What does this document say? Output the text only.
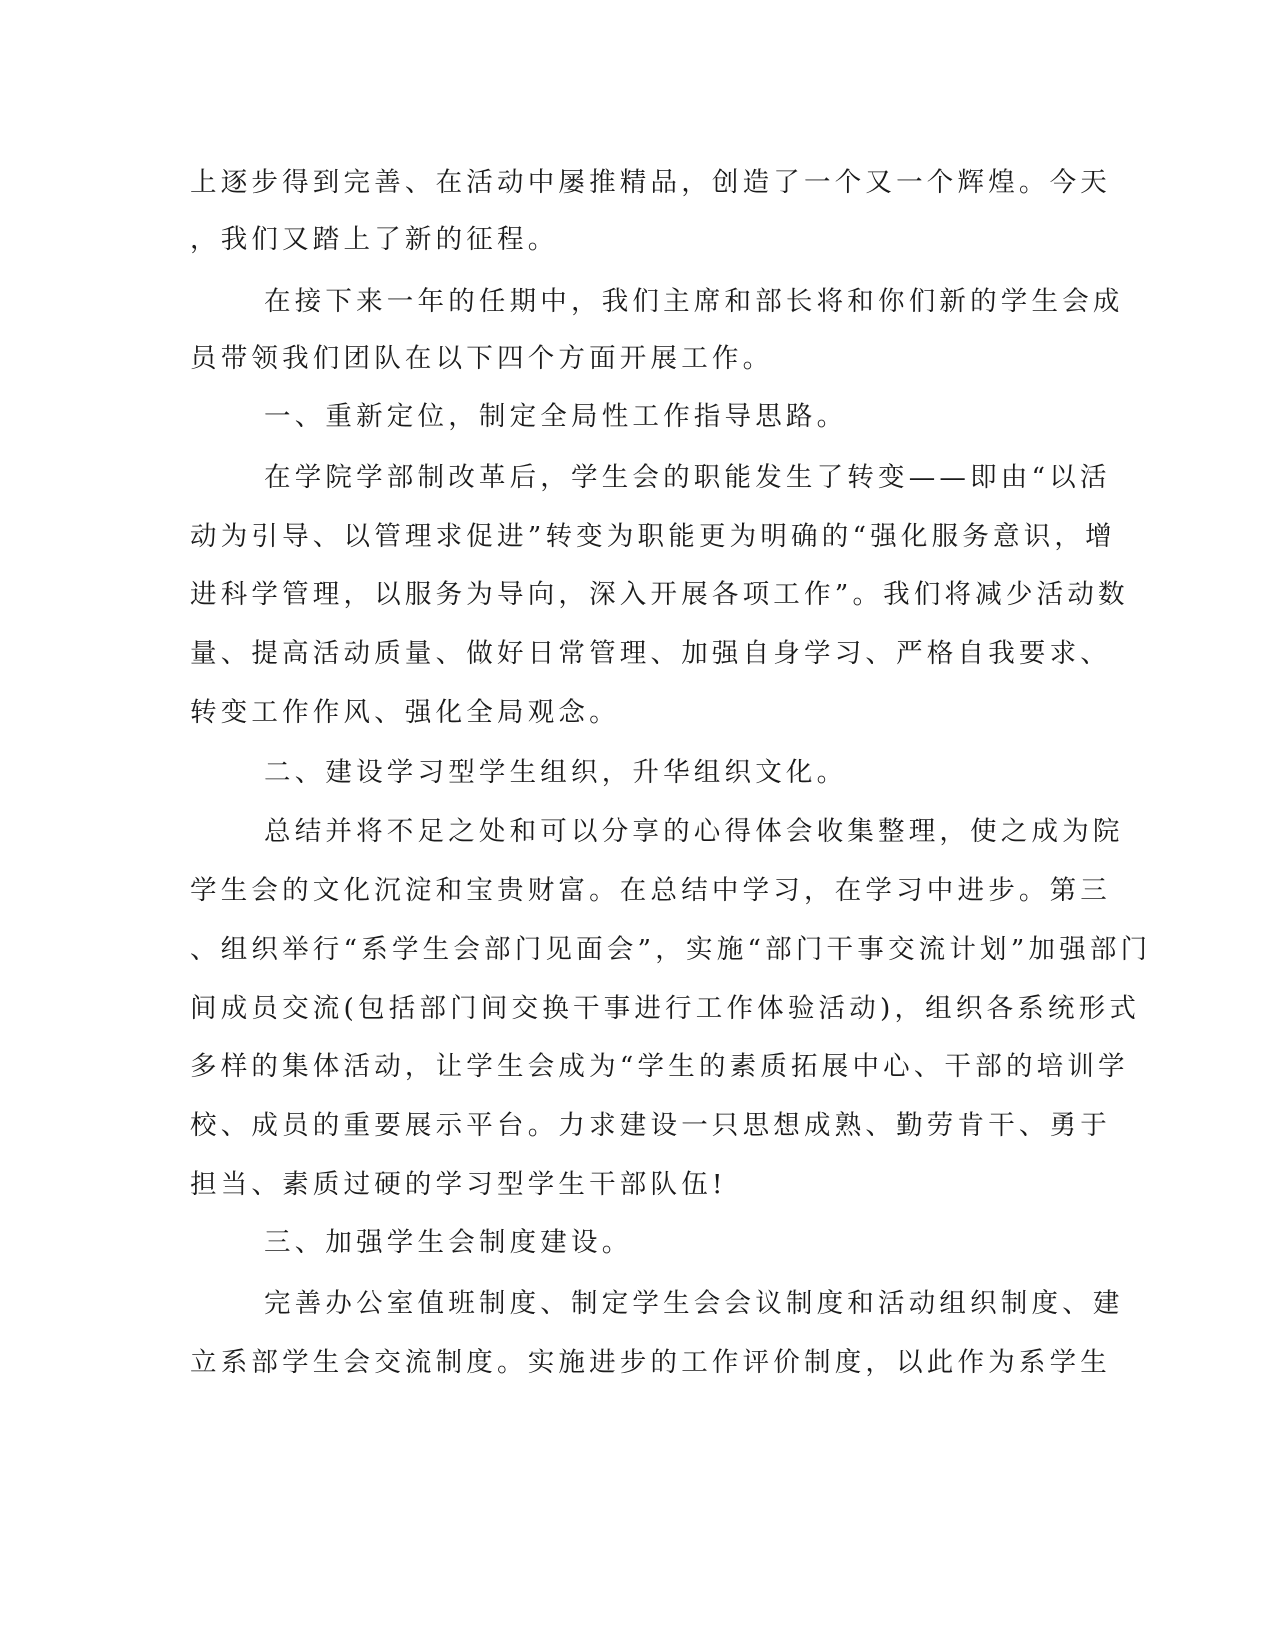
上逐步得到完善、在活动中屡推精品，创造了一个又一个辉煌。今天
，我们又踏上了新的征程。
在接下来一年的任期中，我们主席和部长将和你们新的学生会成
员带领我们团队在以下四个方面开展工作。
一、重新定位，制定全局性工作指导思路。
在学院学部制改革后，学生会的职能发生了转变——即由“以活
动为引导、以管理求促进”转变为职能更为明确的“强化服务意识，增
进科学管理，以服务为导向，深入开展各项工作”。我们将减少活动数
量、提高活动质量、做好日常管理、加强自身学习、严格自我要求、
转变工作作风、强化全局观念。
二、建设学习型学生组织，升华组织文化。
总结并将不足之处和可以分享的心得体会收集整理，使之成为院
学生会的文化沉淀和宝贵财富。在总结中学习，在学习中进步。第三
、组织举行“系学生会部门见面会”，实施“部门干事交流计划”加强部门
间成员交流(包括部门间交换干事进行工作体验活动)，组织各系统形式
多样的集体活动，让学生会成为“学生的素质拓展中心、干部的培训学
校、成员的重要展示平台。力求建设一只思想成熟、勤劳肯干、勇于
担当、素质过硬的学习型学生干部队伍!
三、加强学生会制度建设。
完善办公室值班制度、制定学生会会议制度和活动组织制度、建
立系部学生会交流制度。实施进步的工作评价制度，以此作为系学生
